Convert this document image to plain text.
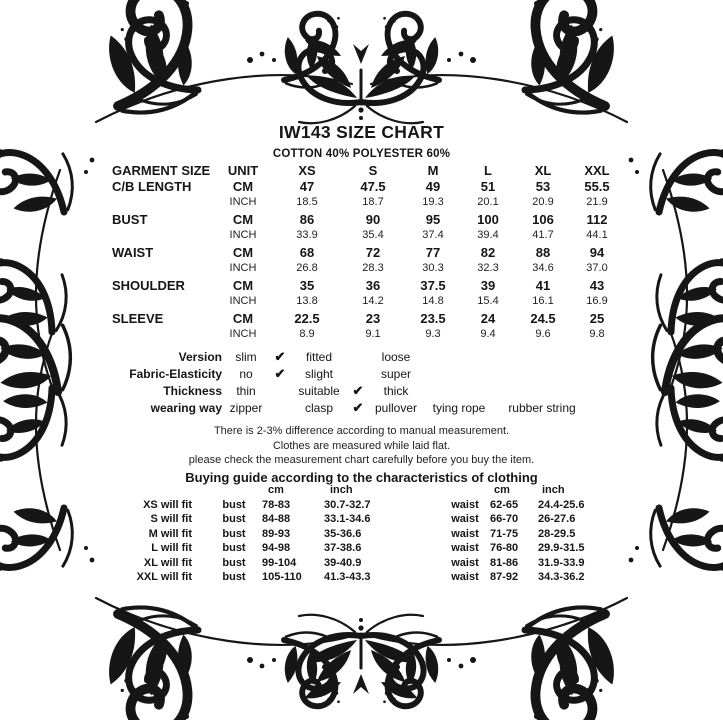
IW143 SIZE CHART
COTTON 40% POLYESTER 60%
GARMENT SIZE	UNIT	XS	S	M	L	XL	XXL
C/B LENGTH	CM	47	47.5	49	51	53	55.5
INCH	18.5	18.7	19.3	20.1	20.9	21.9
BUST	CM	86	90	95	100	106	112
INCH	33.9	35.4	37.4	39.4	41.7	44.1
WAIST	CM	68	72	77	82	88	94
INCH	26.8	28.3	30.3	32.3	34.6	37.0
SHOULDER	CM	35	36	37.5	39	41	43
INCH	13.8	14.2	14.8	15.4	16.1	16.9
SLEEVE	CM	22.5	23	23.5	24	24.5	25
INCH	8.9	9.1	9.3	9.4	9.6	9.8
Version	slim	✔	fitted	loose
Fabric-Elasticity	no	✔	slight	super
Thickness	thin	suitable ✔	thick
wearing way zipper	clasp	✔ pullover	tying rope	rubber string
There is 2-3% difference according to manual measurement.
Clothes are measured while laid flat.
please check the measurement chart carefully before you buy the item.
Buying guide according to the characteristics of clothing
cm	inch	cm	inch
XS will fit	bust	78-83	30.7-32.7	waist	62-65	24.4-25.6
S will fit	bust	84-88	33.1-34.6	waist	66-70	26-27.6
M will fit	bust	89-93	35-36.6	waist	71-75	28-29.5
L will fit	bust	94-98	37-38.6	waist	76-80	29.9-31.5
XL will fit	bust	99-104	39-40.9	waist	81-86	31.9-33.9
XXL will fit	bust	105-110	41.3-43.3	waist	87-92	34.3-36.2
